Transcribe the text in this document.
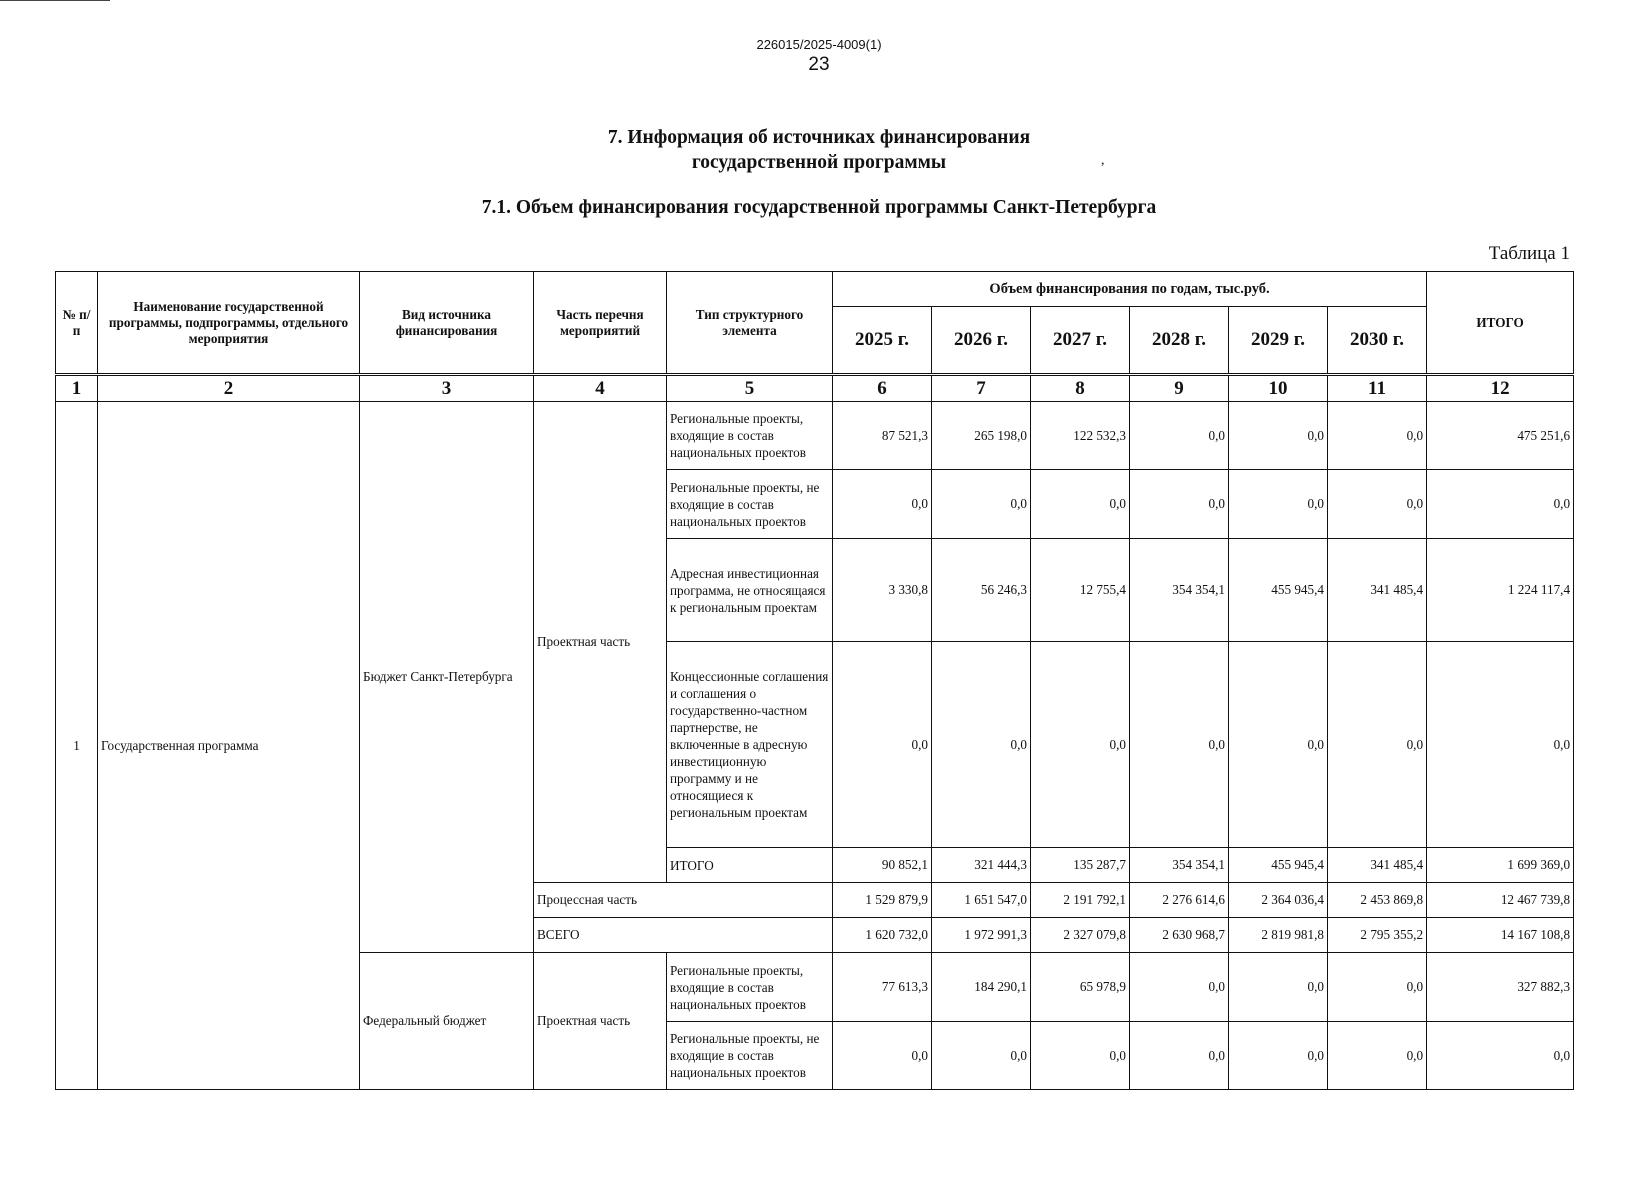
226015/2025-4009(1)
23
7. Информация об источниках финансирования
государственной программы	,
7.1. Объем финансирования государственной программы Санкт-Петербурга
Таблица 1
№ п/п	Наименование государственной программы, подпрограммы, отдельного мероприятия	Вид источника финансирования	Часть перечня мероприятий	Тип структурного элемента	Объем финансирования по годам, тыс.руб.						ИТОГО
					2025 г.	2026 г.	2027 г.	2028 г.	2029 г.	2030 г.	
1	2	3	4	5	6	7	8	9	10	11	12
1	Государственная программа	Бюджет Санкт-Петербурга	Проектная часть	Региональные проекты, входящие в состав национальных проектов	87 521,3	265 198,0	122 532,3	0,0	0,0	0,0	475 251,6
				Региональные проекты, не входящие в состав национальных проектов	0,0	0,0	0,0	0,0	0,0	0,0	0,0
				Адресная инвестиционная программа, не относящаяся к региональным проектам	3 330,8	56 246,3	12 755,4	354 354,1	455 945,4	341 485,4	1 224 117,4
				Концессионные соглашения и соглашения о государственно-частном партнерстве, не включенные в адресную инвестиционную программу и не относящиеся к региональным проектам	0,0	0,0	0,0	0,0	0,0	0,0	0,0
				ИТОГО	90 852,1	321 444,3	135 287,7	354 354,1	455 945,4	341 485,4	1 699 369,0
			Процессная часть		1 529 879,9	1 651 547,0	2 191 792,1	2 276 614,6	2 364 036,4	2 453 869,8	12 467 739,8
			ВСЕГО		1 620 732,0	1 972 991,3	2 327 079,8	2 630 968,7	2 819 981,8	2 795 355,2	14 167 108,8
		Федеральный бюджет	Проектная часть	Региональные проекты, входящие в состав национальных проектов	77 613,3	184 290,1	65 978,9	0,0	0,0	0,0	327 882,3
				Региональные проекты, не входящие в состав национальных проектов	0,0	0,0	0,0	0,0	0,0	0,0	0,0
